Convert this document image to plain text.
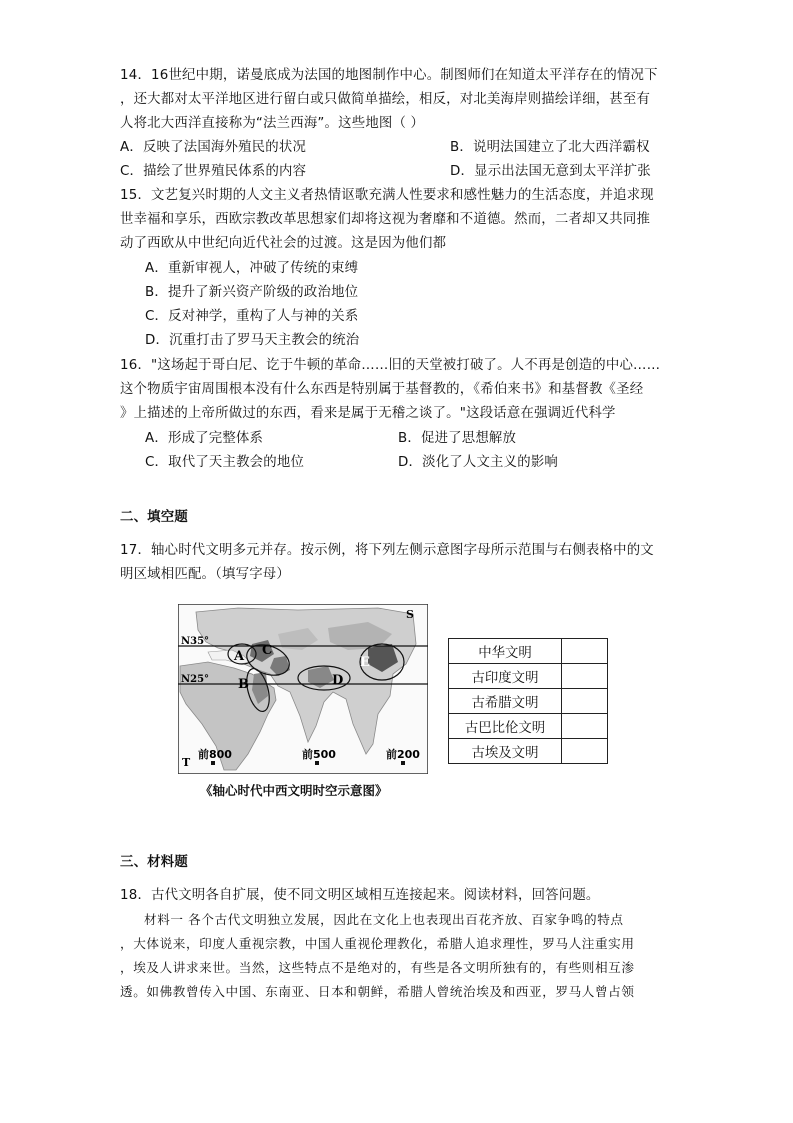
14．16世纪中期，诺曼底成为法国的地图制作中心。制图师们在知道太平洋存在的情况下
，还大都对太平洋地区进行留白或只做简单描绘，相反，对北美海岸则描绘详细，甚至有
人将北大西洋直接称为“法兰西海”。这些地图（ ）
A．反映了法国海外殖民的状况	B．说明法国建立了北大西洋霸权
C．描绘了世界殖民体系的内容	D．显示出法国无意到太平洋扩张
15．文艺复兴时期的人文主义者热情讴歌充满人性要求和感性魅力的生活态度，并追求现
世幸福和享乐，西欧宗教改革思想家们却将这视为奢靡和不道德。然而，二者却又共同推
动了西欧从中世纪向近代社会的过渡。这是因为他们都
A．重新审视人，冲破了传统的束缚
B．提升了新兴资产阶级的政治地位
C．反对神学，重构了人与神的关系
D．沉重打击了罗马天主教会的统治
16．"这场起于哥白尼、讫于牛顿的革命……旧的天堂被打破了。人不再是创造的中心……
这个物质宇宙周围根本没有什么东西是特别属于基督教的，《希伯来书》和基督教《圣经
》上描述的上帝所做过的东西，看来是属于无稽之谈了。"这段话意在强调近代科学
A．形成了完整体系	B．促进了思想解放
C．取代了天主教会的地位	D．淡化了人文主义的影响
二、填空题
17．轴心时代文明多元并存。按示例，将下列左侧示意图字母所示范围与右侧表格中的文
明区域相匹配。（填写字母）
S
T
N35°
N25°
A
B
C
D
E
前800	前500	前200
《轴心时代中西文明时空示意图》
中华文明	
古印度文明	
古希腊文明	
古巴比伦文明	
古埃及文明	
三、材料题
18．古代文明各自扩展，使不同文明区域相互连接起来。阅读材料，回答问题。
材料一 各个古代文明独立发展，因此在文化上也表现出百花齐放、百家争鸣的特点
，大体说来，印度人重视宗教，中国人重视伦理教化，希腊人追求理性，罗马人注重实用
，埃及人讲求来世。当然，这些特点不是绝对的，有些是各文明所独有的，有些则相互渗
透。如佛教曾传入中国、东南亚、日本和朝鲜，希腊人曾统治埃及和西亚，罗马人曾占领
